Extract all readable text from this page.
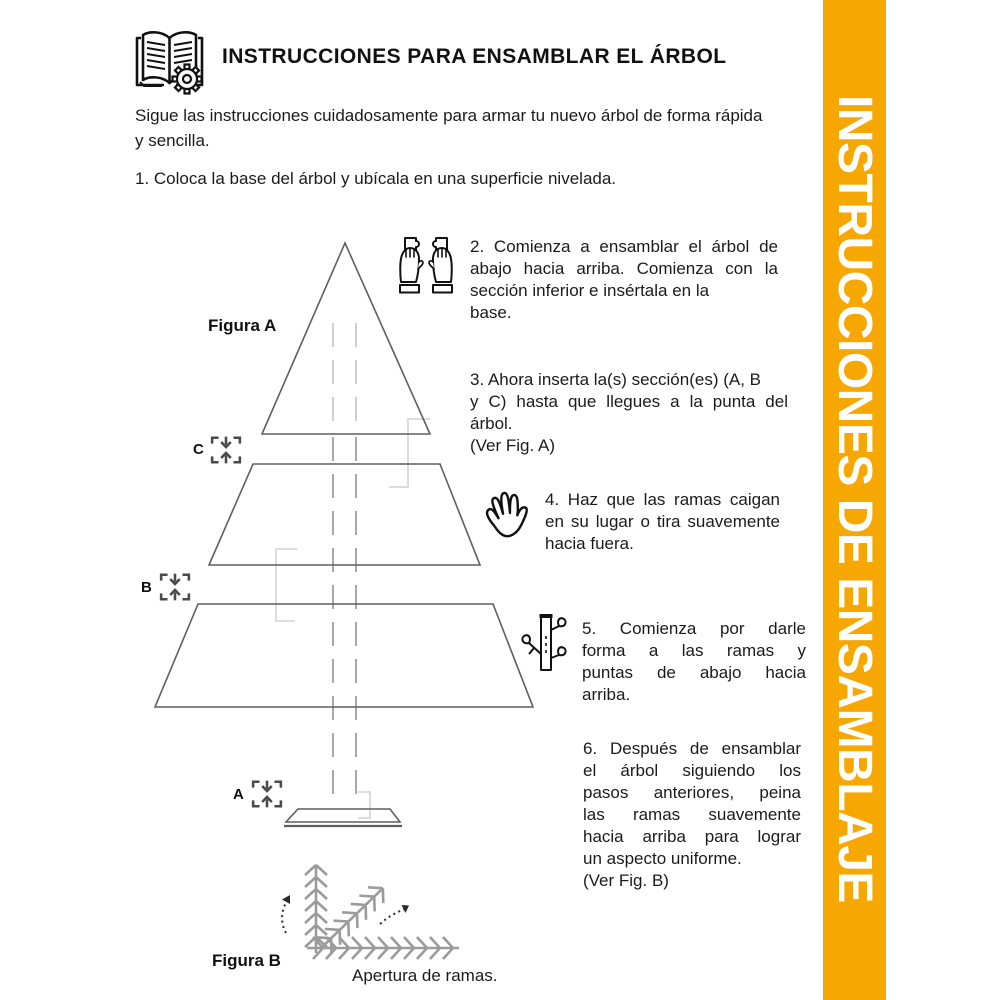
INSTRUCCIONES PARA ENSAMBLAR EL ÁRBOL
Sigue las instrucciones cuidadosamente para armar tu nuevo árbol de forma rápida
y sencilla.
1. Coloca la base del árbol y ubícala en una superficie nivelada.
Figura A
C
B
A
Figura B
Apertura de ramas.
2. Comienza a ensamblar el árbol de
abajo hacia arriba. Comienza con la
sección inferior e insértala en la
base.
3. Ahora inserta la(s) sección(es) (A, B
y C) hasta que llegues a la punta del
árbol.
(Ver Fig. A)
4. Haz que las ramas caigan
en su lugar o tira suavemente
hacia fuera.
5. Comienza por darle
forma a las ramas y
puntas de abajo hacia
arriba.
6. Después de ensamblar
el árbol siguiendo los
pasos anteriores, peina
las ramas suavemente
hacia arriba para lograr
un aspecto uniforme.
(Ver Fig. B)	INSTRUCCIONES DE ENSAMBLAJE
